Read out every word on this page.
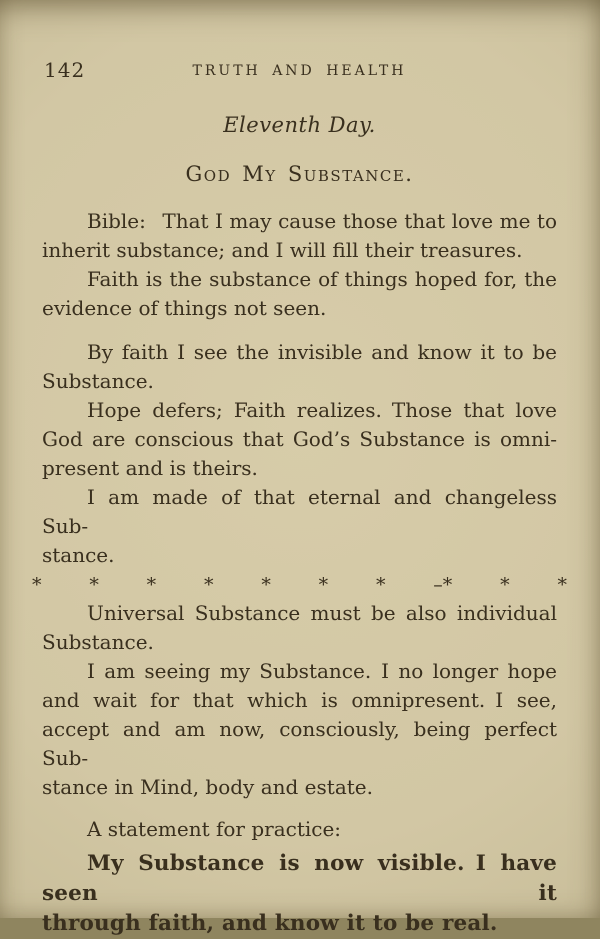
142	TRUTH AND HEALTH
Eleventh Day.
God My Substance.
Bible:  That I may cause those that love me to
inherit substance; and I will fill their treasures.
Faith is the substance of things hoped for, the
evidence of things not seen.
By faith I see the invisible and know it to be
Substance.
Hope defers; Faith realizes. Those that love
God are conscious that God’s Substance is omni-
present and is theirs.
I am made of that eternal and changeless Sub-
stance.
*	*	*	*	*	*	*	–*	*	*
Universal Substance must be also individual
Substance.
I am seeing my Substance. I no longer hope
and wait for that which is omnipresent. I see,
accept and am now, consciously, being perfect Sub-
stance in Mind, body and estate.
A statement for practice:
My Substance is now visible. I have seen it
through faith, and know it to be real.
